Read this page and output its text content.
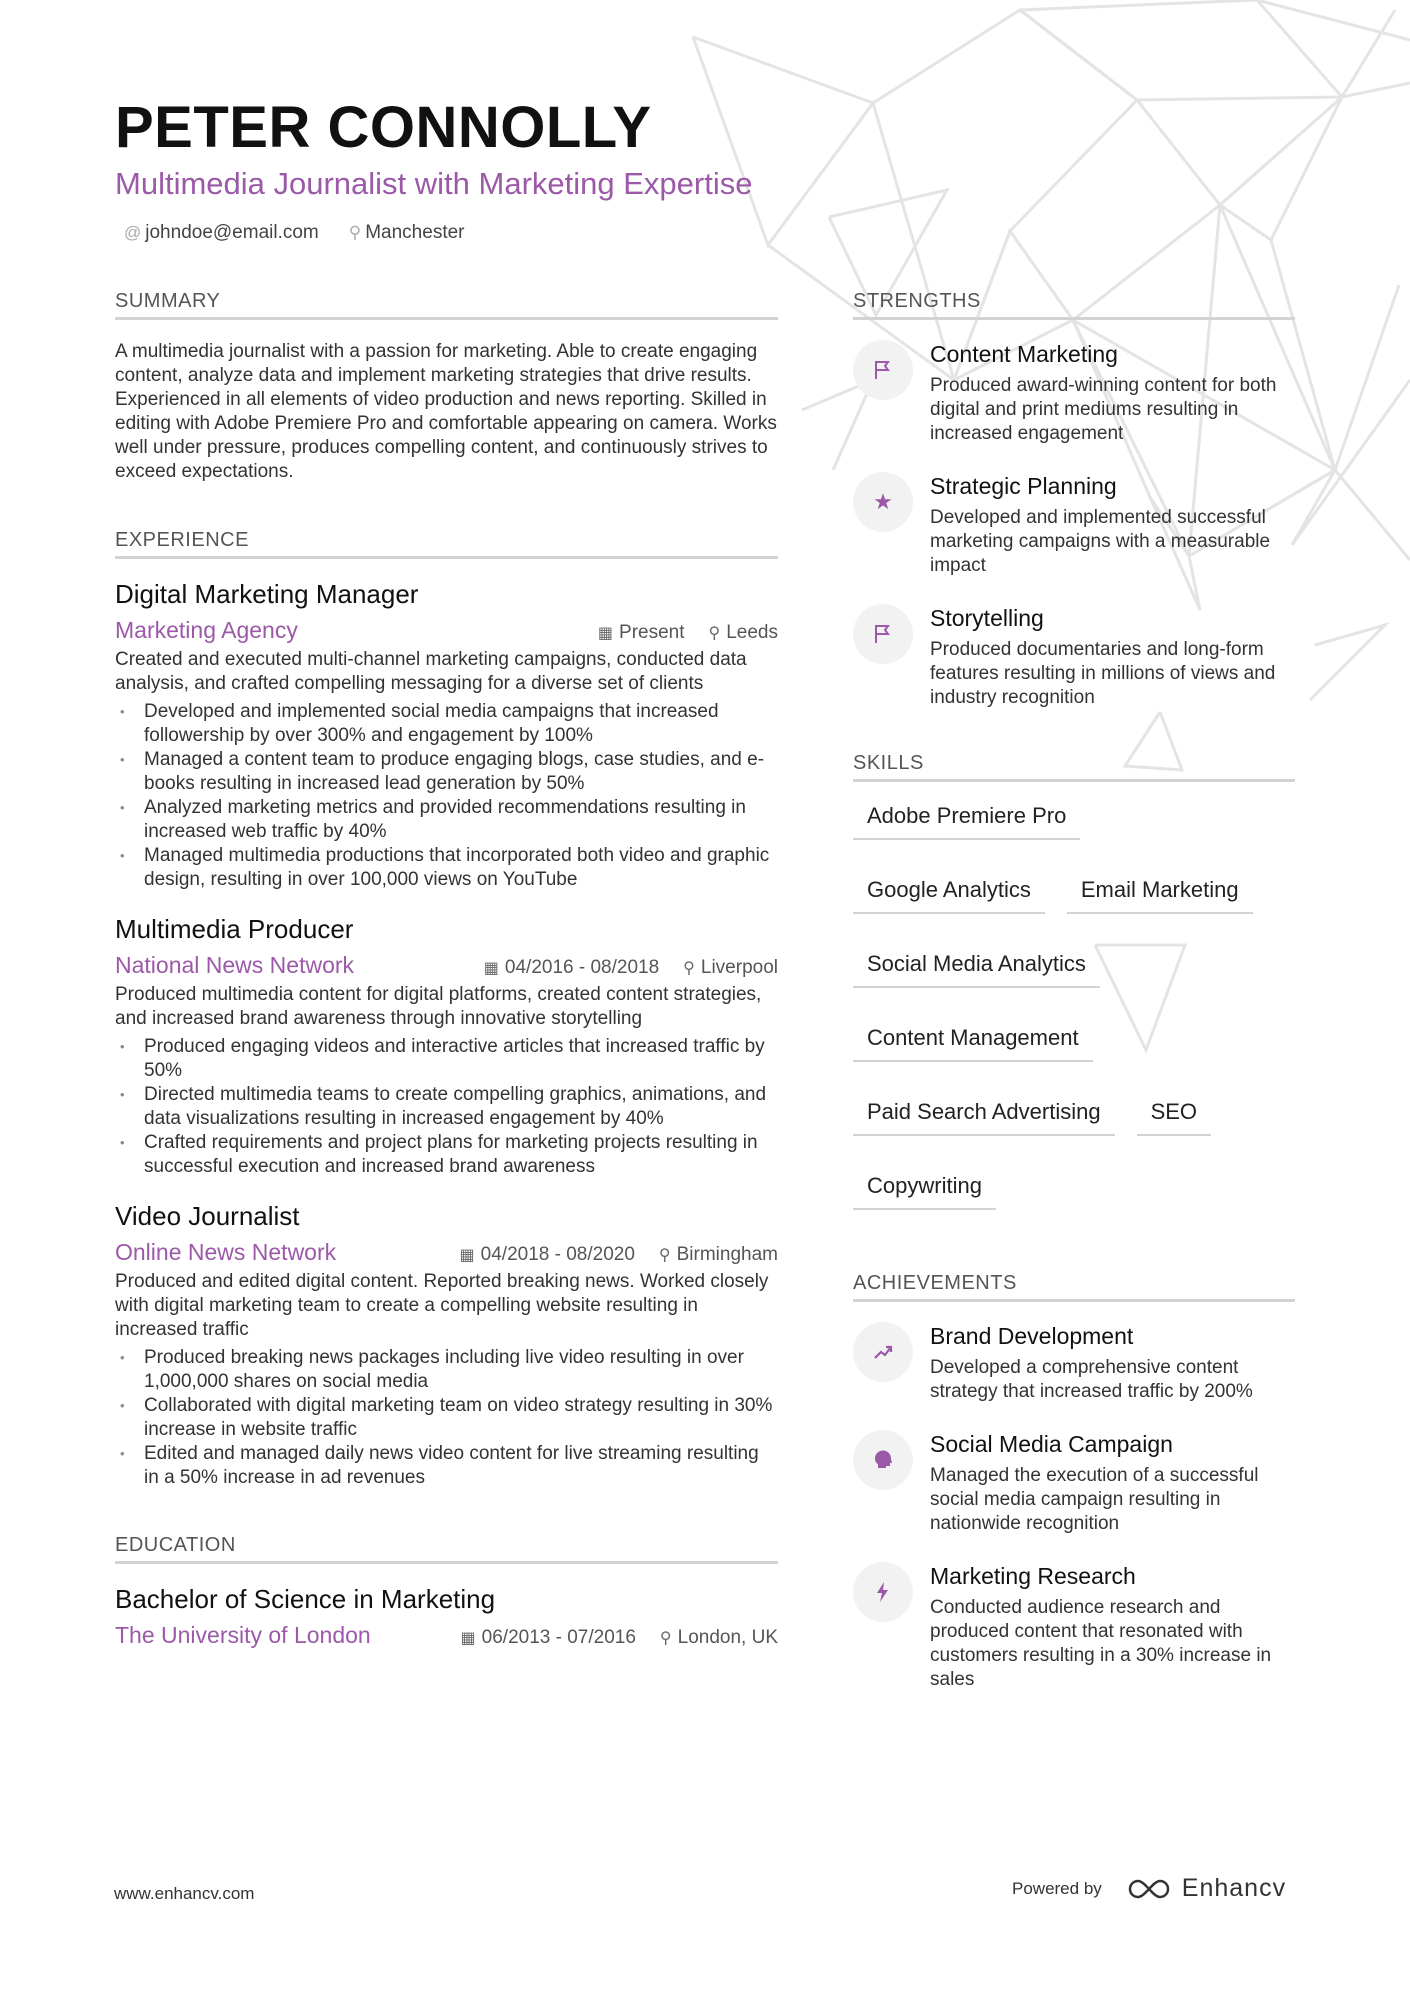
PETER CONNOLLY
Multimedia Journalist with Marketing Expertise
@ johndoe@email.com ⚲ Manchester
SUMMARY
A multimedia journalist with a passion for marketing. Able to create engaging content, analyze data and implement marketing strategies that drive results. Experienced in all elements of video production and news reporting. Skilled in editing with Adobe Premiere Pro and comfortable appearing on camera. Works well under pressure, produces compelling content, and continuously strives to exceed expectations.
EXPERIENCE
Digital Marketing Manager
Marketing Agency	▦ Present ⚲ Leeds
Created and executed multi-channel marketing campaigns, conducted data analysis, and crafted compelling messaging for a diverse set of clients
• Developed and implemented social media campaigns that increased followership by over 300% and engagement by 100%
• Managed a content team to produce engaging blogs, case studies, and e-books resulting in increased lead generation by 50%
• Analyzed marketing metrics and provided recommendations resulting in increased web traffic by 40%
• Managed multimedia productions that incorporated both video and graphic design, resulting in over 100,000 views on YouTube
Multimedia Producer
National News Network	▦ 04/2016 - 08/2018 ⚲ Liverpool
Produced multimedia content for digital platforms, created content strategies, and increased brand awareness through innovative storytelling
• Produced engaging videos and interactive articles that increased traffic by 50%
• Directed multimedia teams to create compelling graphics, animations, and data visualizations resulting in increased engagement by 40%
• Crafted requirements and project plans for marketing projects resulting in successful execution and increased brand awareness
Video Journalist
Online News Network	▦ 04/2018 - 08/2020 ⚲ Birmingham
Produced and edited digital content. Reported breaking news. Worked closely with digital marketing team to create a compelling website resulting in increased traffic
• Produced breaking news packages including live video resulting in over 1,000,000 shares on social media
• Collaborated with digital marketing team on video strategy resulting in 30% increase in website traffic
• Edited and managed daily news video content for live streaming resulting in a 50% increase in ad revenues
EDUCATION
Bachelor of Science in Marketing
The University of London	▦ 06/2013 - 07/2016 ⚲ London, UK
STRENGTHS
Content Marketing
Produced award-winning content for both digital and print mediums resulting in increased engagement
★
Strategic Planning
Developed and implemented successful marketing campaigns with a measurable impact
Storytelling
Produced documentaries and long-form features resulting in millions of views and industry recognition
SKILLS
Adobe Premiere Pro
Google Analytics	Email Marketing
Social Media Analytics
Content Management
Paid Search Advertising	SEO
Copywriting
ACHIEVEMENTS
Brand Development
Developed a comprehensive content strategy that increased traffic by 200%
Social Media Campaign
Managed the execution of a successful social media campaign resulting in nationwide recognition
Marketing Research
Conducted audience research and produced content that resonated with customers resulting in a 30% increase in sales
www.enhancv.com	Powered by	Enhancv
